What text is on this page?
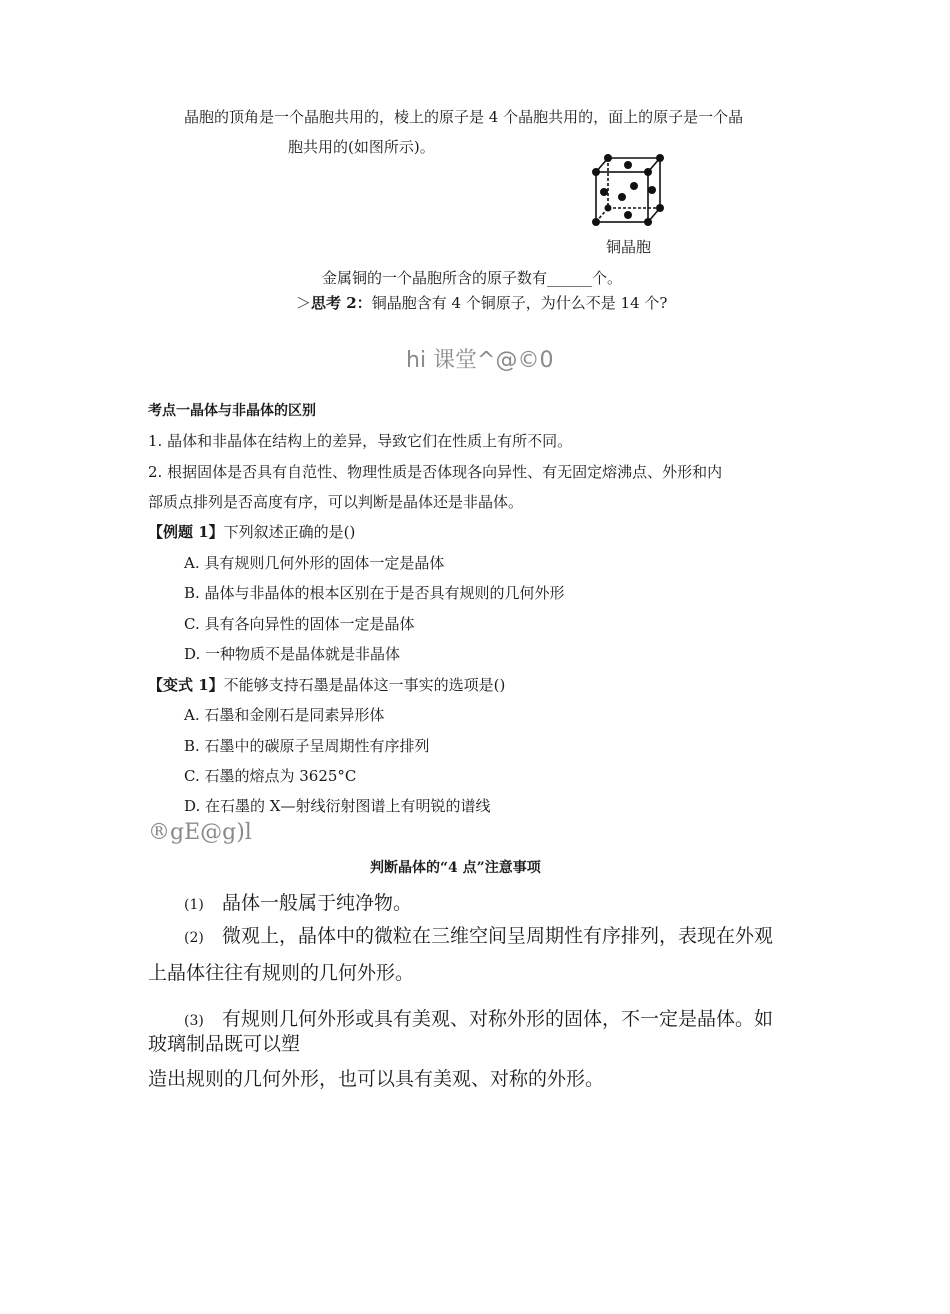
晶胞的顶角是一个晶胞共用的，棱上的原子是 4 个晶胞共用的，面上的原子是一个晶
胞共用的(如图所示)。
铜晶胞
金属铜的一个晶胞所含的原子数有______个。
＞思考 2：铜晶胞含有 4 个铜原子，为什么不是 14 个?
hi 课堂^@©0
考点一晶体与非晶体的区别
1. 晶体和非晶体在结构上的差异，导致它们在性质上有所不同。
2. 根据固体是否具有自范性、物理性质是否体现各向异性、有无固定熔沸点、外形和内
部质点排列是否高度有序，可以判断是晶体还是非晶体。
【例题 1】下列叙述正确的是()
A. 具有规则几何外形的固体一定是晶体
B. 晶体与非晶体的根本区别在于是否具有规则的几何外形
C. 具有各向异性的固体一定是晶体
D. 一种物质不是晶体就是非晶体
【变式 1】不能够支持石墨是晶体这一事实的选项是()
A. 石墨和金刚石是同素异形体
B. 石墨中的碳原子呈周期性有序排列
C. 石墨的熔点为 3625°C
D. 在石墨的 X—射线衍射图谱上有明锐的谱线
®gE@g)l
判断晶体的“4 点”注意事项
(1) 晶体一般属于纯净物。
(2) 微观上，晶体中的微粒在三维空间呈周期性有序排列，表现在外观
上晶体往往有规则的几何外形。
(3) 有规则几何外形或具有美观、对称外形的固体，不一定是晶体。如
玻璃制品既可以塑
造出规则的几何外形，也可以具有美观、对称的外形。
